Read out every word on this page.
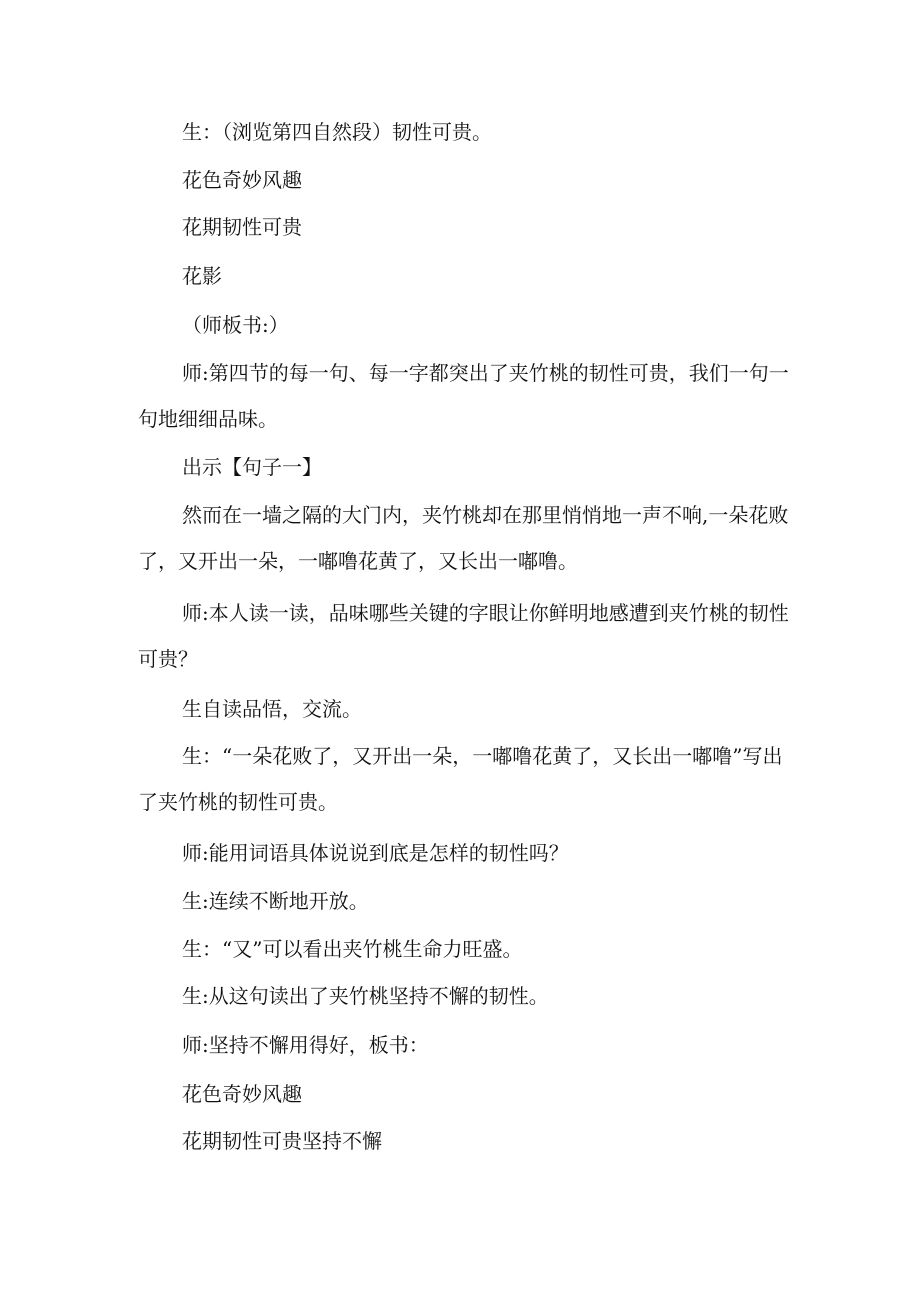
生：（浏览第四自然段）韧性可贵。

花色奇妙风趣

花期韧性可贵

花影

（师板书:）

师:第四节的每一句、每一字都突出了夹竹桃的韧性可贵，我们一句一句地细细品味。

出示【句子一】

然而在一墙之隔的大门内，夹竹桃却在那里悄悄地一声不响,一朵花败了，又开出一朵，一嘟噜花黄了，又长出一嘟噜。

师:本人读一读，品味哪些关键的字眼让你鲜明地感遭到夹竹桃的韧性可贵？

生自读品悟，交流。

生：“一朵花败了，又开出一朵，一嘟噜花黄了，又长出一嘟噜”写出了夹竹桃的韧性可贵。

师:能用词语具体说说到底是怎样的韧性吗？

生:连续不断地开放。

生：“又”可以看出夹竹桃生命力旺盛。

生:从这句读出了夹竹桃坚持不懈的韧性。

师:坚持不懈用得好，板书：

花色奇妙风趣

花期韧性可贵坚持不懈
